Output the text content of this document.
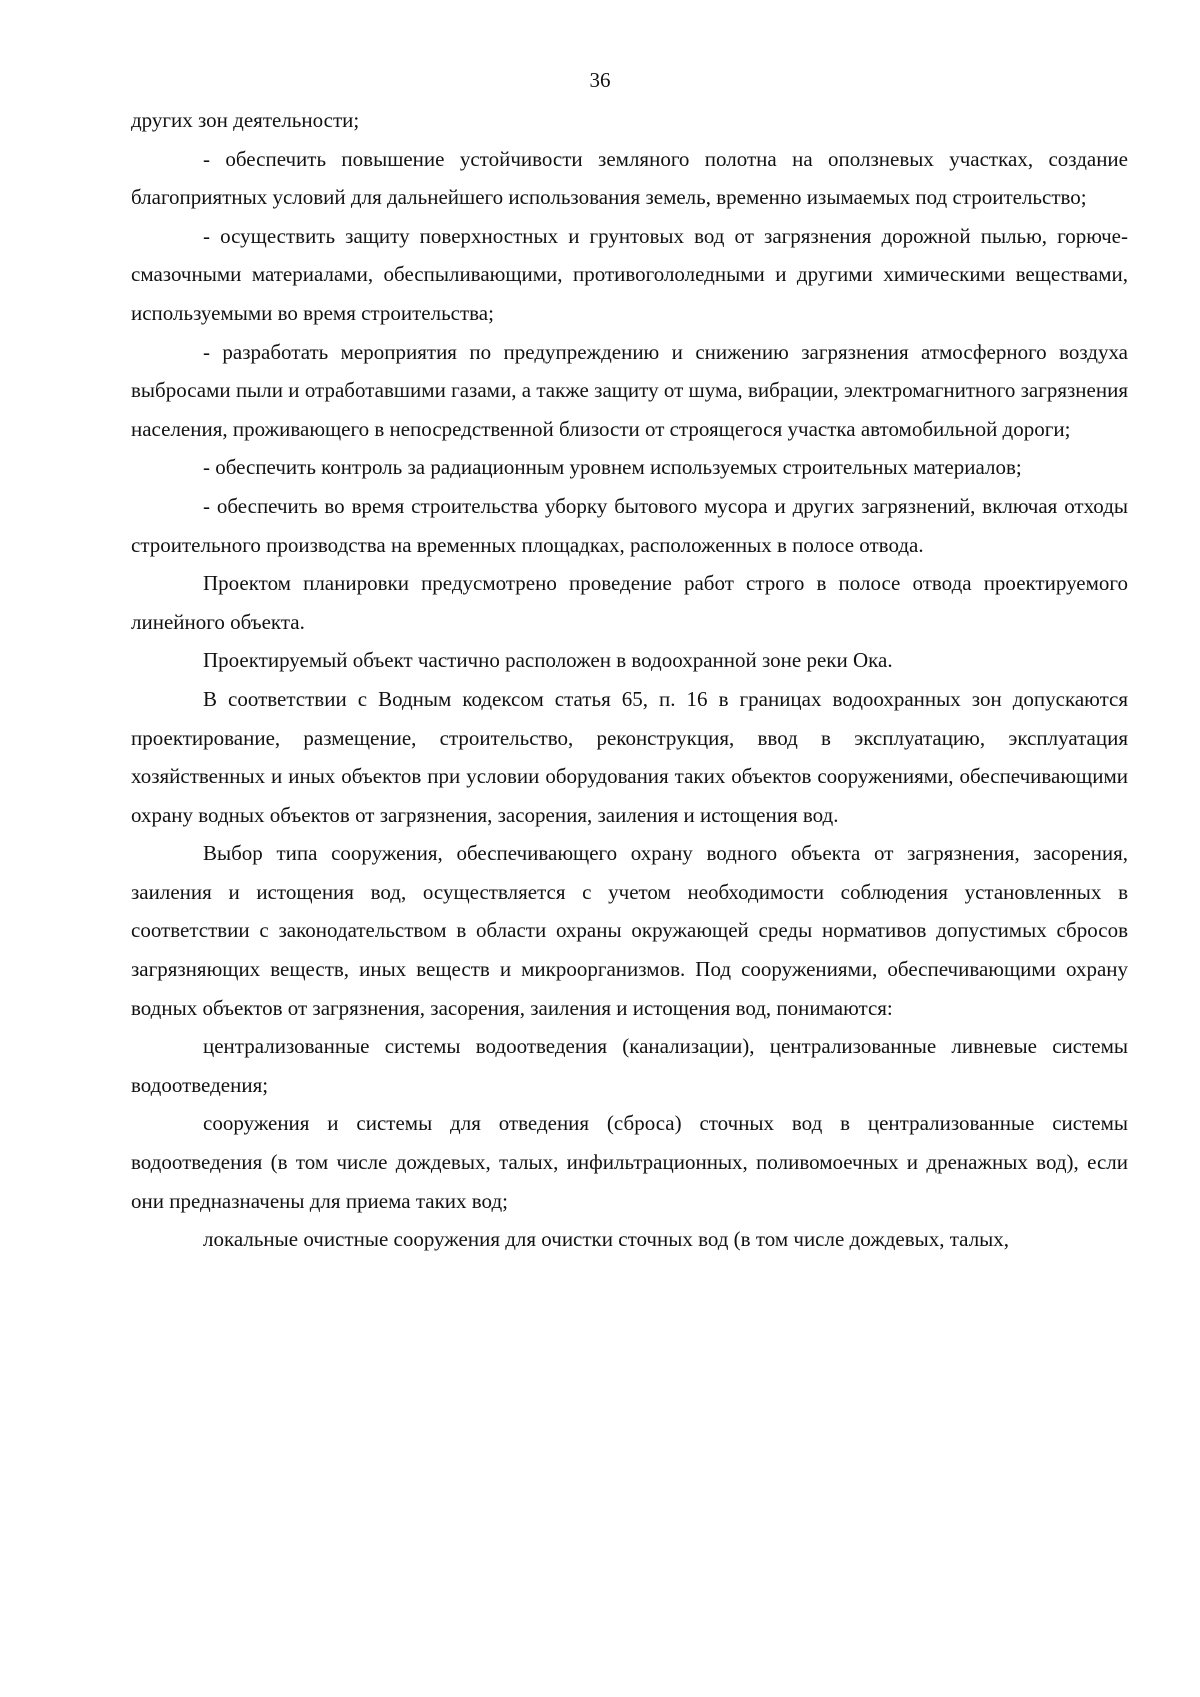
36

других зон деятельности;

- обеспечить повышение устойчивости земляного полотна на оползневых участках, создание благоприятных условий для дальнейшего использования земель, временно изымаемых под строительство;

- осуществить защиту поверхностных и грунтовых вод от загрязнения дорожной пылью, горюче-смазочными материалами, обеспыливающими, противогололедными и другими химическими веществами, используемыми во время строительства;

- разработать мероприятия по предупреждению и снижению загрязнения атмосферного воздуха выбросами пыли и отработавшими газами, а также защиту от шума, вибрации, электромагнитного загрязнения населения, проживающего в непосредственной близости от строящегося участка автомобильной дороги;

- обеспечить контроль за радиационным уровнем используемых строительных материалов;

- обеспечить во время строительства уборку бытового мусора и других загрязнений, включая отходы строительного производства на временных площадках, расположенных в полосе отвода.

Проектом планировки предусмотрено проведение работ строго в полосе отвода проектируемого линейного объекта.

Проектируемый объект частично расположен в водоохранной зоне реки Ока.

В соответствии с Водным кодексом статья 65, п. 16 в границах водоохранных зон допускаются проектирование, размещение, строительство, реконструкция, ввод в эксплуатацию, эксплуатация хозяйственных и иных объектов при условии оборудования таких объектов сооружениями, обеспечивающими охрану водных объектов от загрязнения, засорения, заиления и истощения вод.

Выбор типа сооружения, обеспечивающего охрану водного объекта от загрязнения, засорения, заиления и истощения вод, осуществляется с учетом необходимости соблюдения установленных в соответствии с законодательством в области охраны окружающей среды нормативов допустимых сбросов загрязняющих веществ, иных веществ и микроорганизмов. Под сооружениями, обеспечивающими охрану водных объектов от загрязнения, засорения, заиления и истощения вод, понимаются:

централизованные системы водоотведения (канализации), централизованные ливневые системы водоотведения;

сооружения и системы для отведения (сброса) сточных вод в централизованные системы водоотведения (в том числе дождевых, талых, инфильтрационных, поливомоечных и дренажных вод), если они предназначены для приема таких вод;

локальные очистные сооружения для очистки сточных вод (в том числе дождевых, талых,
